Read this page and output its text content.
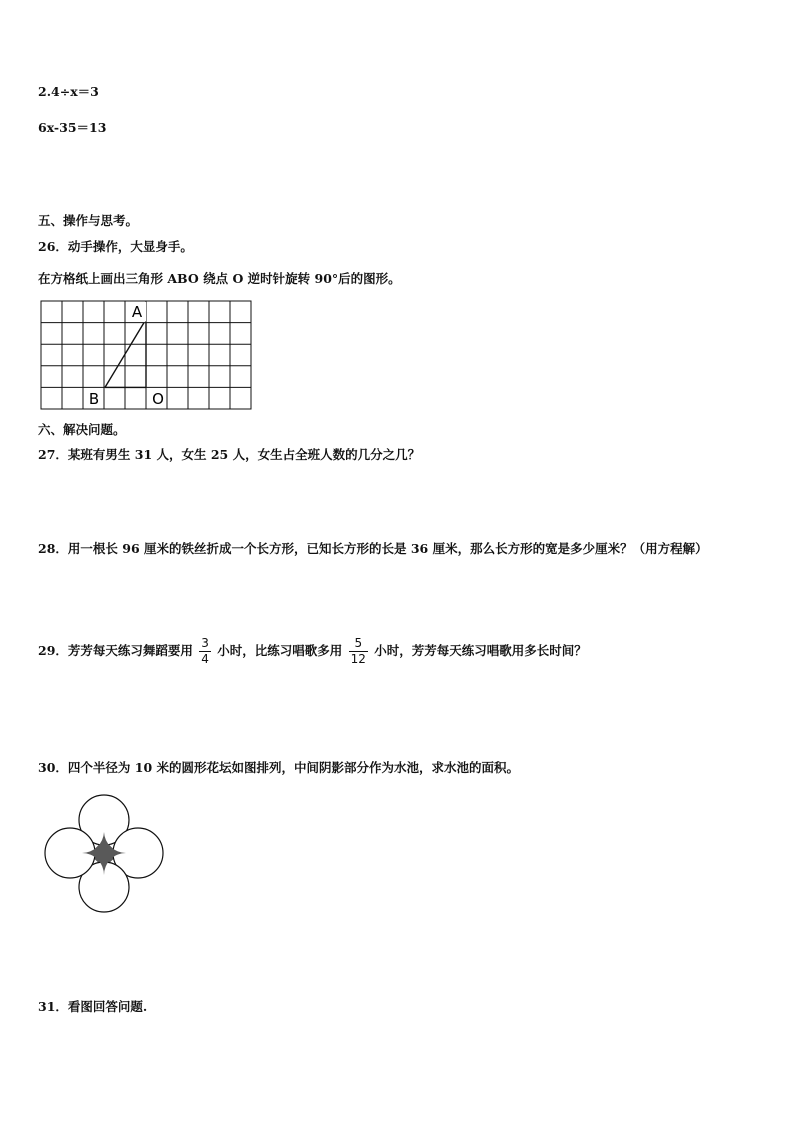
2.4÷x＝3
6x-35＝13
五、操作与思考。
26．动手操作，大显身手。
在方格纸上画出三角形 ABO 绕点 O 逆时针旋转 90°后的图形。
A
B	O
六、解决问题。
27．某班有男生 31 人，女生 25 人，女生占全班人数的几分之几？
28．用一根长 96 厘米的铁丝折成一个长方形，已知长方形的长是 36 厘米，那么长方形的宽是多少厘米？（用方程解）
29．芳芳每天练习舞蹈要用 $\frac{3}{4}$ 小时，比练习唱歌多用 $\frac{5}{12}$ 小时，芳芳每天练习唱歌用多长时间？
30．四个半径为 10 米的圆形花坛如图排列，中间阴影部分作为水池，求水池的面积。
31．看图回答问题.
